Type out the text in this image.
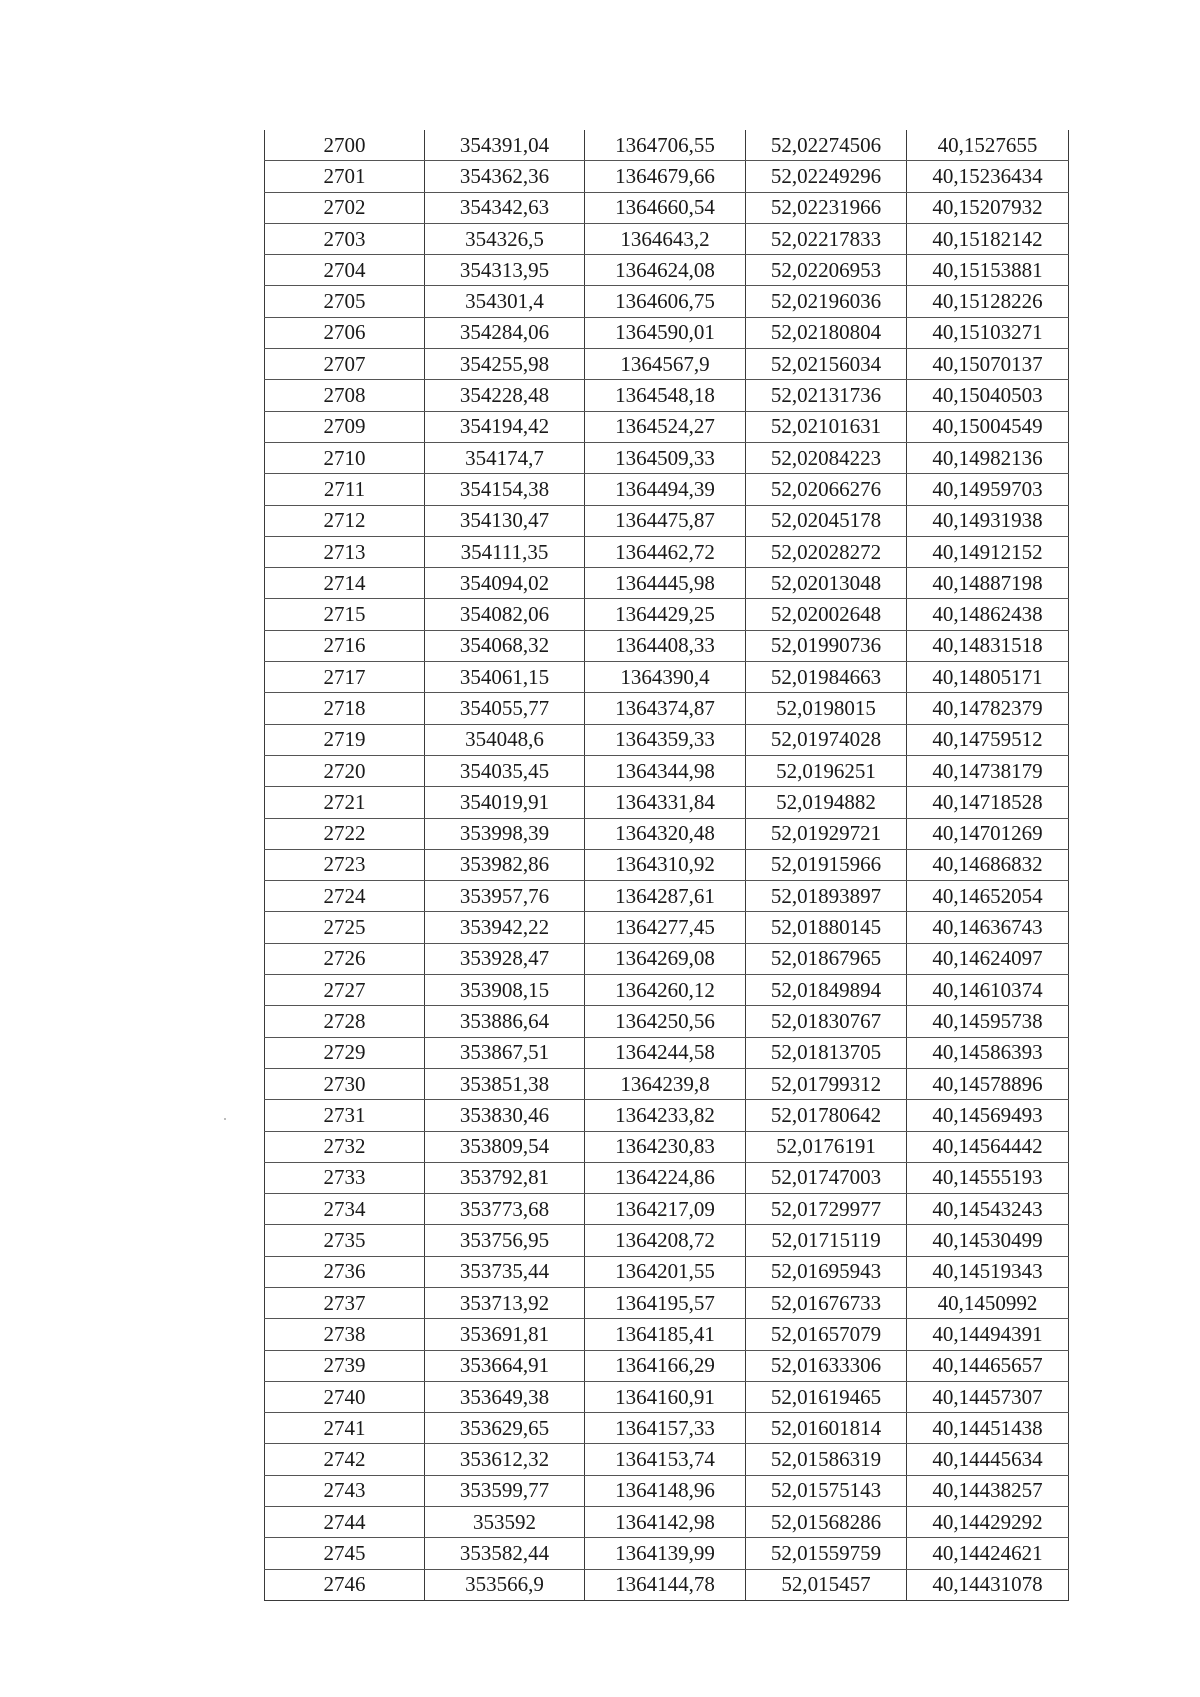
2700	354391,04	1364706,55	52,02274506	40,1527655
2701	354362,36	1364679,66	52,02249296	40,15236434
2702	354342,63	1364660,54	52,02231966	40,15207932
2703	354326,5	1364643,2	52,02217833	40,15182142
2704	354313,95	1364624,08	52,02206953	40,15153881
2705	354301,4	1364606,75	52,02196036	40,15128226
2706	354284,06	1364590,01	52,02180804	40,15103271
2707	354255,98	1364567,9	52,02156034	40,15070137
2708	354228,48	1364548,18	52,02131736	40,15040503
2709	354194,42	1364524,27	52,02101631	40,15004549
2710	354174,7	1364509,33	52,02084223	40,14982136
2711	354154,38	1364494,39	52,02066276	40,14959703
2712	354130,47	1364475,87	52,02045178	40,14931938
2713	354111,35	1364462,72	52,02028272	40,14912152
2714	354094,02	1364445,98	52,02013048	40,14887198
2715	354082,06	1364429,25	52,02002648	40,14862438
2716	354068,32	1364408,33	52,01990736	40,14831518
2717	354061,15	1364390,4	52,01984663	40,14805171
2718	354055,77	1364374,87	52,0198015	40,14782379
2719	354048,6	1364359,33	52,01974028	40,14759512
2720	354035,45	1364344,98	52,0196251	40,14738179
2721	354019,91	1364331,84	52,0194882	40,14718528
2722	353998,39	1364320,48	52,01929721	40,14701269
2723	353982,86	1364310,92	52,01915966	40,14686832
2724	353957,76	1364287,61	52,01893897	40,14652054
2725	353942,22	1364277,45	52,01880145	40,14636743
2726	353928,47	1364269,08	52,01867965	40,14624097
2727	353908,15	1364260,12	52,01849894	40,14610374
2728	353886,64	1364250,56	52,01830767	40,14595738
2729	353867,51	1364244,58	52,01813705	40,14586393
2730	353851,38	1364239,8	52,01799312	40,14578896
2731	353830,46	1364233,82	52,01780642	40,14569493
2732	353809,54	1364230,83	52,0176191	40,14564442
2733	353792,81	1364224,86	52,01747003	40,14555193
2734	353773,68	1364217,09	52,01729977	40,14543243
2735	353756,95	1364208,72	52,01715119	40,14530499
2736	353735,44	1364201,55	52,01695943	40,14519343
2737	353713,92	1364195,57	52,01676733	40,1450992
2738	353691,81	1364185,41	52,01657079	40,14494391
2739	353664,91	1364166,29	52,01633306	40,14465657
2740	353649,38	1364160,91	52,01619465	40,14457307
2741	353629,65	1364157,33	52,01601814	40,14451438
2742	353612,32	1364153,74	52,01586319	40,14445634
2743	353599,77	1364148,96	52,01575143	40,14438257
2744	353592	1364142,98	52,01568286	40,14429292
2745	353582,44	1364139,99	52,01559759	40,14424621
2746	353566,9	1364144,78	52,015457	40,14431078
